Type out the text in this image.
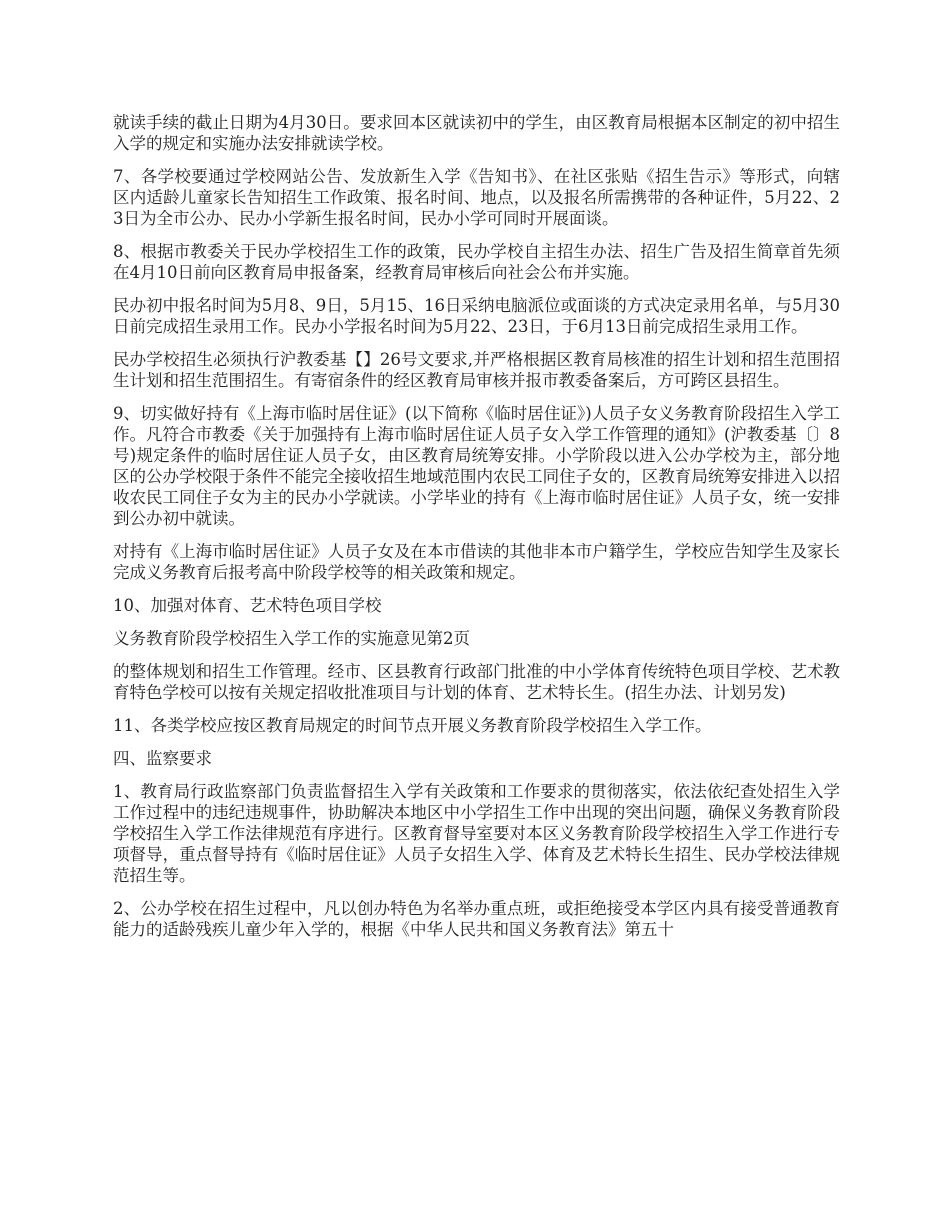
就读手续的截止日期为4月30日。要求回本区就读初中的学生，由区教育局根据本区制定的初中招生入学的规定和实施办法安排就读学校。

7、各学校要通过学校网站公告、发放新生入学《告知书》、在社区张贴《招生告示》等形式，向辖区内适龄儿童家长告知招生工作政策、报名时间、地点，以及报名所需携带的各种证件，5月22、23日为全市公办、民办小学新生报名时间，民办小学可同时开展面谈。

8、根据市教委关于民办学校招生工作的政策，民办学校自主招生办法、招生广告及招生简章首先须在4月10日前向区教育局申报备案，经教育局审核后向社会公布并实施。

民办初中报名时间为5月8、9日，5月15、16日采纳电脑派位或面谈的方式决定录用名单，与5月30日前完成招生录用工作。民办小学报名时间为5月22、23日，于6月13日前完成招生录用工作。

民办学校招生必须执行沪教委基【】26号文要求,并严格根据区教育局核准的招生计划和招生范围招生计划和招生范围招生。有寄宿条件的经区教育局审核并报市教委备案后，方可跨区县招生。

9、切实做好持有《上海市临时居住证》(以下简称《临时居住证》)人员子女义务教育阶段招生入学工作。凡符合市教委《关于加强持有上海市临时居住证人员子女入学工作管理的通知》(沪教委基〔〕8号)规定条件的临时居住证人员子女，由区教育局统筹安排。小学阶段以进入公办学校为主，部分地区的公办学校限于条件不能完全接收招生地域范围内农民工同住子女的，区教育局统筹安排进入以招收农民工同住子女为主的民办小学就读。小学毕业的持有《上海市临时居住证》人员子女，统一安排到公办初中就读。

对持有《上海市临时居住证》人员子女及在本市借读的其他非本市户籍学生，学校应告知学生及家长完成义务教育后报考高中阶段学校等的相关政策和规定。

10、加强对体育、艺术特色项目学校

义务教育阶段学校招生入学工作的实施意见第2页

的整体规划和招生工作管理。经市、区县教育行政部门批准的中小学体育传统特色项目学校、艺术教育特色学校可以按有关规定招收批准项目与计划的体育、艺术特长生。(招生办法、计划另发)

11、各类学校应按区教育局规定的时间节点开展义务教育阶段学校招生入学工作。

四、监察要求

1、教育局行政监察部门负责监督招生入学有关政策和工作要求的贯彻落实，依法依纪查处招生入学工作过程中的违纪违规事件，协助解决本地区中小学招生工作中出现的突出问题，确保义务教育阶段学校招生入学工作法律规范有序进行。区教育督导室要对本区义务教育阶段学校招生入学工作进行专项督导，重点督导持有《临时居住证》人员子女招生入学、体育及艺术特长生招生、民办学校法律规范招生等。

2、公办学校在招生过程中，凡以创办特色为名举办重点班，或拒绝接受本学区内具有接受普通教育能力的适龄残疾儿童少年入学的，根据《中华人民共和国义务教育法》第五十
